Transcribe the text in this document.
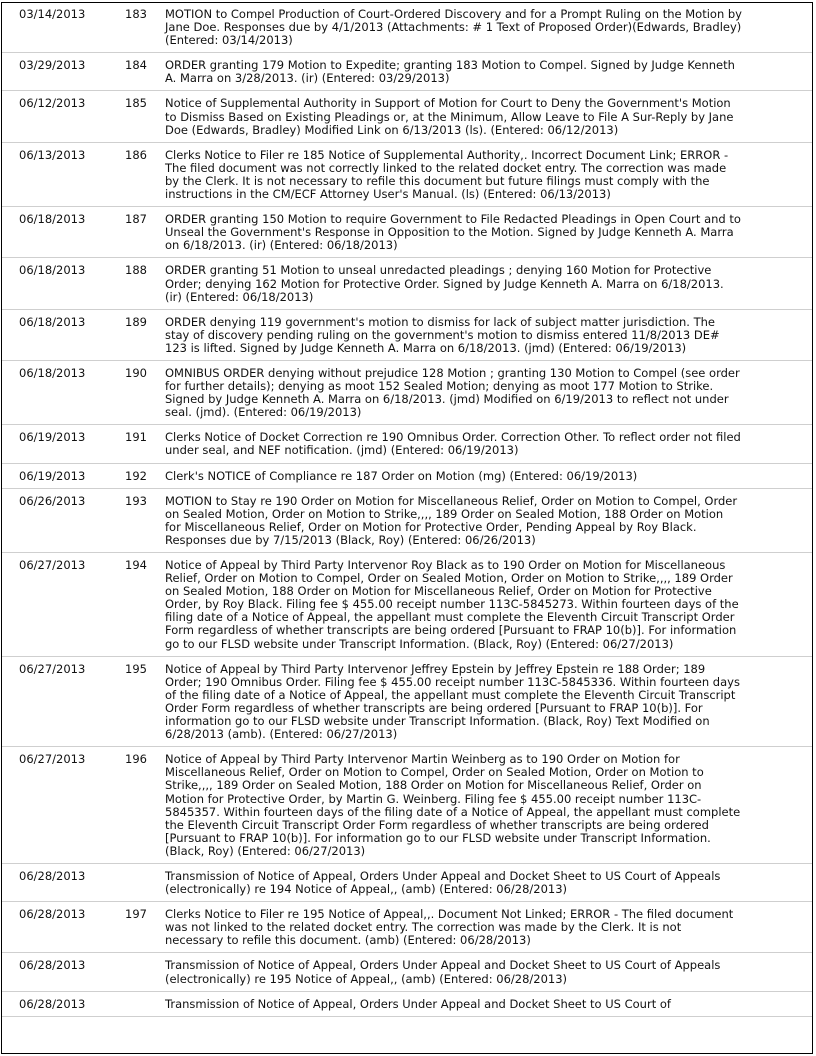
03/14/2013	183	MOTION to Compel Production of Court-Ordered Discovery and for a Prompt Ruling on the Motion by Jane Doe. Responses due by 4/1/2013 (Attachments: # 1 Text of Proposed Order)(Edwards, Bradley) (Entered: 03/14/2013)
03/29/2013	184	ORDER granting 179 Motion to Expedite; granting 183 Motion to Compel. Signed by Judge Kenneth A. Marra on 3/28/2013. (ir) (Entered: 03/29/2013)
06/12/2013	185	Notice of Supplemental Authority in Support of Motion for Court to Deny the Government's Motion to Dismiss Based on Existing Pleadings or, at the Minimum, Allow Leave to File A Sur-Reply by Jane Doe (Edwards, Bradley) Modified Link on 6/13/2013 (ls). (Entered: 06/12/2013)
06/13/2013	186	Clerks Notice to Filer re 185 Notice of Supplemental Authority,. Incorrect Document Link; ERROR - The filed document was not correctly linked to the related docket entry. The correction was made by the Clerk. It is not necessary to refile this document but future filings must comply with the instructions in the CM/ECF Attorney User's Manual. (ls) (Entered: 06/13/2013)
06/18/2013	187	ORDER granting 150 Motion to require Government to File Redacted Pleadings in Open Court and to Unseal the Government's Response in Opposition to the Motion. Signed by Judge Kenneth A. Marra on 6/18/2013. (ir) (Entered: 06/18/2013)
06/18/2013	188	ORDER granting 51 Motion to unseal unredacted pleadings ; denying 160 Motion for Protective Order; denying 162 Motion for Protective Order. Signed by Judge Kenneth A. Marra on 6/18/2013. (ir) (Entered: 06/18/2013)
06/18/2013	189	ORDER denying 119 government's motion to dismiss for lack of subject matter jurisdiction. The stay of discovery pending ruling on the government's motion to dismiss entered 11/8/2013 DE# 123 is lifted. Signed by Judge Kenneth A. Marra on 6/18/2013. (jmd) (Entered: 06/19/2013)
06/18/2013	190	OMNIBUS ORDER denying without prejudice 128 Motion ; granting 130 Motion to Compel (see order for further details); denying as moot 152 Sealed Motion; denying as moot 177 Motion to Strike. Signed by Judge Kenneth A. Marra on 6/18/2013. (jmd) Modified on 6/19/2013 to reflect not under seal. (jmd). (Entered: 06/19/2013)
06/19/2013	191	Clerks Notice of Docket Correction re 190 Omnibus Order. Correction Other. To reflect order not filed under seal, and NEF notification. (jmd) (Entered: 06/19/2013)
06/19/2013	192	Clerk's NOTICE of Compliance re 187 Order on Motion (mg) (Entered: 06/19/2013)
06/26/2013	193	MOTION to Stay re 190 Order on Motion for Miscellaneous Relief, Order on Motion to Compel, Order on Sealed Motion, Order on Motion to Strike,,,, 189 Order on Sealed Motion, 188 Order on Motion for Miscellaneous Relief, Order on Motion for Protective Order, Pending Appeal by Roy Black. Responses due by 7/15/2013 (Black, Roy) (Entered: 06/26/2013)
06/27/2013	194	Notice of Appeal by Third Party Intervenor Roy Black as to 190 Order on Motion for Miscellaneous Relief, Order on Motion to Compel, Order on Sealed Motion, Order on Motion to Strike,,,, 189 Order on Sealed Motion, 188 Order on Motion for Miscellaneous Relief, Order on Motion for Protective Order, by Roy Black. Filing fee $ 455.00 receipt number 113C-5845273. Within fourteen days of the filing date of a Notice of Appeal, the appellant must complete the Eleventh Circuit Transcript Order Form regardless of whether transcripts are being ordered [Pursuant to FRAP 10(b)]. For information go to our FLSD website under Transcript Information. (Black, Roy) (Entered: 06/27/2013)
06/27/2013	195	Notice of Appeal by Third Party Intervenor Jeffrey Epstein by Jeffrey Epstein re 188 Order; 189 Order; 190 Omnibus Order. Filing fee $ 455.00 receipt number 113C-5845336. Within fourteen days of the filing date of a Notice of Appeal, the appellant must complete the Eleventh Circuit Transcript Order Form regardless of whether transcripts are being ordered [Pursuant to FRAP 10(b)]. For information go to our FLSD website under Transcript Information. (Black, Roy) Text Modified on 6/28/2013 (amb). (Entered: 06/27/2013)
06/27/2013	196	Notice of Appeal by Third Party Intervenor Martin Weinberg as to 190 Order on Motion for Miscellaneous Relief, Order on Motion to Compel, Order on Sealed Motion, Order on Motion to Strike,,,, 189 Order on Sealed Motion, 188 Order on Motion for Miscellaneous Relief, Order on Motion for Protective Order, by Martin G. Weinberg. Filing fee $ 455.00 receipt number 113C-5845357. Within fourteen days of the filing date of a Notice of Appeal, the appellant must complete the Eleventh Circuit Transcript Order Form regardless of whether transcripts are being ordered [Pursuant to FRAP 10(b)]. For information go to our FLSD website under Transcript Information. (Black, Roy) (Entered: 06/27/2013)
06/28/2013		Transmission of Notice of Appeal, Orders Under Appeal and Docket Sheet to US Court of Appeals (electronically) re 194 Notice of Appeal,, (amb) (Entered: 06/28/2013)
06/28/2013	197	Clerks Notice to Filer re 195 Notice of Appeal,,. Document Not Linked; ERROR - The filed document was not linked to the related docket entry. The correction was made by the Clerk. It is not necessary to refile this document. (amb) (Entered: 06/28/2013)
06/28/2013		Transmission of Notice of Appeal, Orders Under Appeal and Docket Sheet to US Court of Appeals (electronically) re 195 Notice of Appeal,, (amb) (Entered: 06/28/2013)
06/28/2013		Transmission of Notice of Appeal, Orders Under Appeal and Docket Sheet to US Court of
